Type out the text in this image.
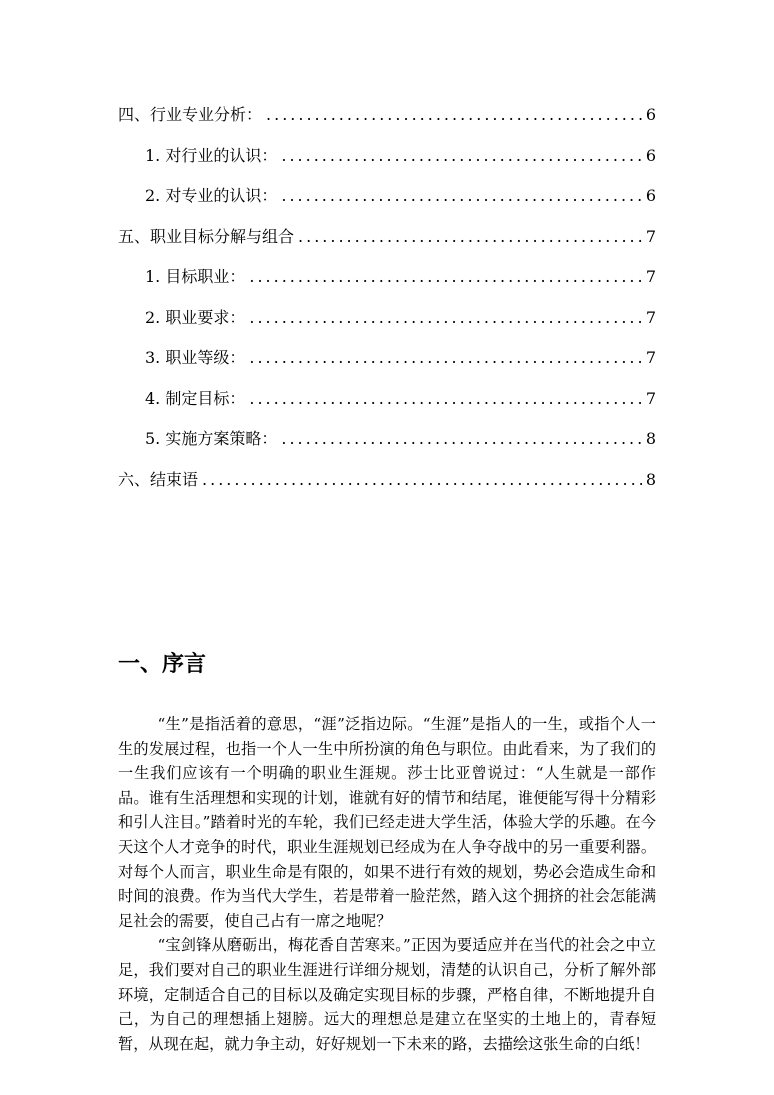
四、行业专业分析： .....	6
1. 对行业的认识： .....	6
2. 对专业的认识： .....	6
五、职业目标分解与组合 .....	7
1. 目标职业： .....	7
2. 职业要求： .....	7
3. 职业等级： .....	7
4. 制定目标： .....	7
5. 实施方案策略： .....	8
六、结束语 .....	8
一、序言

“生”是指活着的意思，“涯”泛指边际。“生涯”是指人的一生，或指个人一生的发展过程，也指一个人一生中所扮演的角色与职位。由此看来，为了我们的一生我们应该有一个明确的职业生涯规。莎士比亚曾说过：“人生就是一部作品。谁有生活理想和实现的计划，谁就有好的情节和结尾，谁便能写得十分精彩和引人注目。”踏着时光的车轮，我们已经走进大学生活，体验大学的乐趣。在今天这个人才竞争的时代，职业生涯规划已经成为在人争夺战中的另一重要利器。对每个人而言，职业生命是有限的，如果不进行有效的规划，势必会造成生命和时间的浪费。作为当代大学生，若是带着一脸茫然，踏入这个拥挤的社会怎能满足社会的需要，使自己占有一席之地呢？

“宝剑锋从磨砺出，梅花香自苦寒来。”正因为要适应并在当代的社会之中立足，我们要对自己的职业生涯进行详细分规划，清楚的认识自己，分析了解外部环境，定制适合自己的目标以及确定实现目标的步骤，严格自律，不断地提升自己，为自己的理想插上翅膀。远大的理想总是建立在坚实的土地上的，青春短暂，从现在起，就力争主动，好好规划一下未来的路，去描绘这张生命的白纸！
